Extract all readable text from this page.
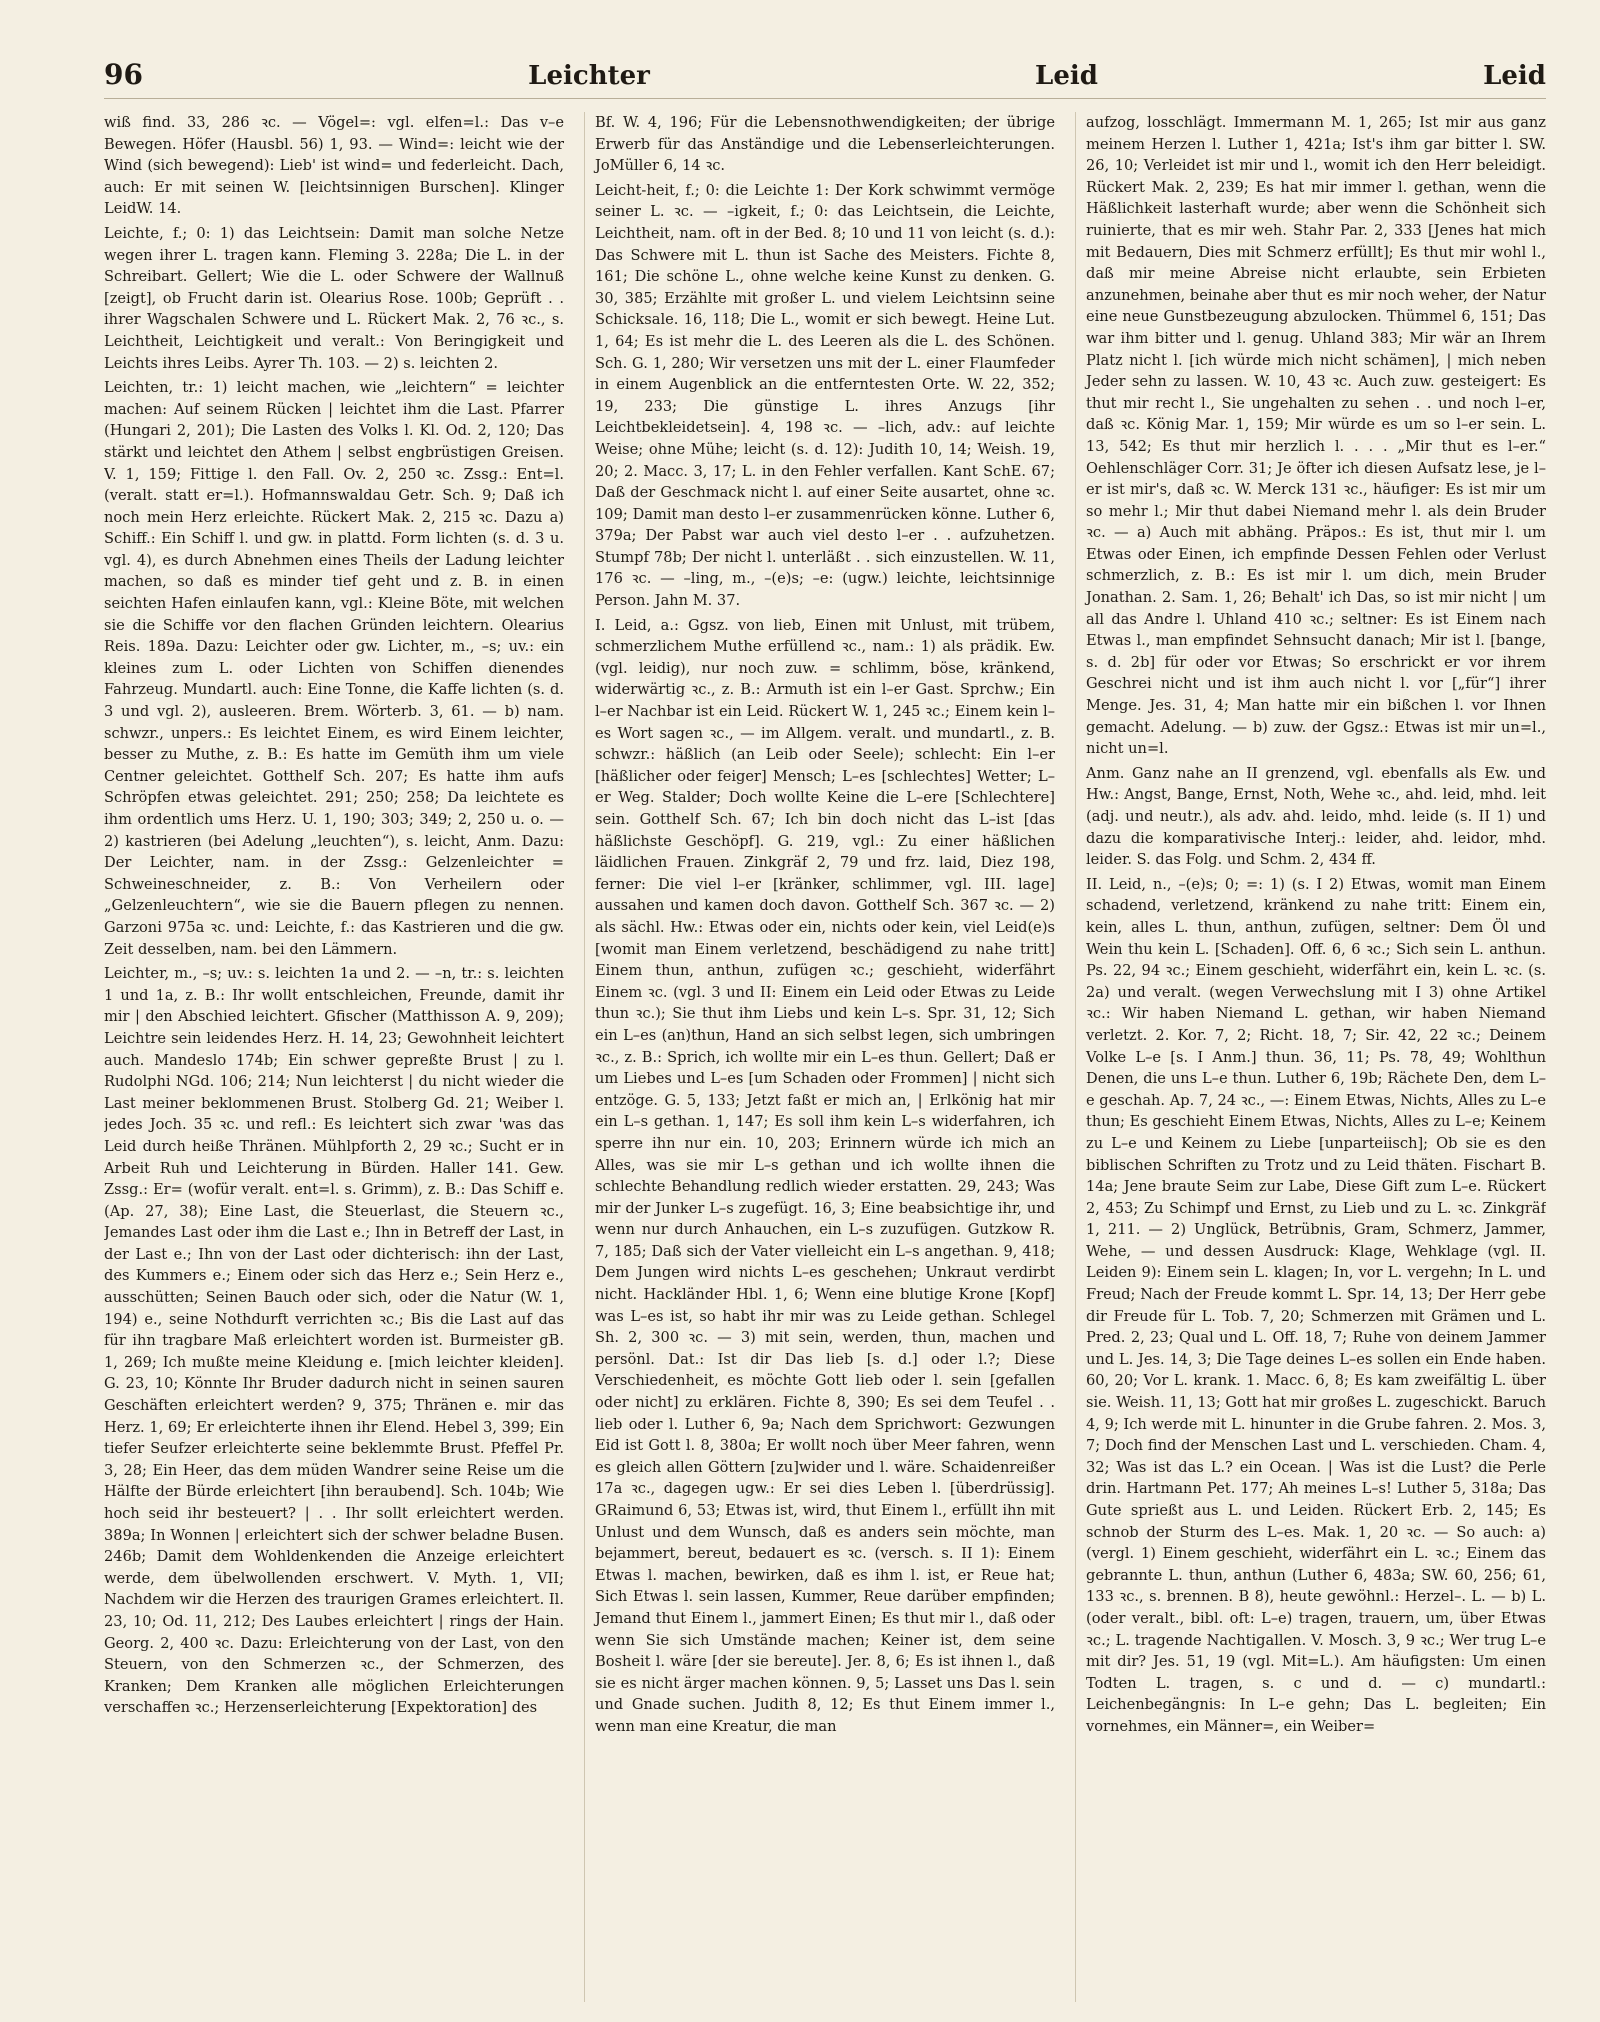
96	Leichter	Leid	Leid

wiß find. 33, 286 ꝛc. — Vögel=: vgl. elfen=l.: Das v–e Bewegen. Höfer (Hausbl. 56) 1, 93. — Wind=: leicht wie der Wind (sich bewegend): Lieb' ist wind= und federleicht. Dach, auch: Er mit seinen W. [leichtsinnigen Burschen]. Klinger LeidW. 14.

Leichte, f.; 0: 1) das Leichtsein: Damit man solche Netze wegen ihrer L. tragen kann. Fleming 3. 228a; Die L. in der Schreibart. Gellert; Wie die L. oder Schwere der Wallnuß [zeigt], ob Frucht darin ist. Olearius Rose. 100b; Geprüft . . ihrer Wagschalen Schwere und L. Rückert Mak. 2, 76 ꝛc., s. Leichtheit, Leichtigkeit und veralt.: Von Beringigkeit und Leichts ihres Leibs. Ayrer Th. 103. — 2) s. leichten 2.

Leichten, tr.: 1) leicht machen, wie „leichtern“ = leichter machen: Auf seinem Rücken | leichtet ihm die Last. Pfarrer (Hungari 2, 201); Die Lasten des Volks l. Kl. Od. 2, 120; Das stärkt und leichtet den Athem | selbst engbrüstigen Greisen. V. 1, 159; Fittige l. den Fall. Ov. 2, 250 ꝛc. Zssg.: Ent=l. (veralt. statt er=l.). Hofmannswaldau Getr. Sch. 9; Daß ich noch mein Herz erleichte. Rückert Mak. 2, 215 ꝛc. Dazu a) Schiff.: Ein Schiff l. und gw. in plattd. Form lichten (s. d. 3 u. vgl. 4), es durch Abnehmen eines Theils der Ladung leichter machen, so daß es minder tief geht und z. B. in einen seichten Hafen einlaufen kann, vgl.: Kleine Böte, mit welchen sie die Schiffe vor den flachen Gründen leichtern. Olearius Reis. 189a. Dazu: Leichter oder gw. Lichter, m., –s; uv.: ein kleines zum L. oder Lichten von Schiffen dienendes Fahrzeug. Mundartl. auch: Eine Tonne, die Kaffe lichten (s. d. 3 und vgl. 2), ausleeren. Brem. Wörterb. 3, 61. — b) nam. schwzr., unpers.: Es leichtet Einem, es wird Einem leichter, besser zu Muthe, z. B.: Es hatte im Gemüth ihm um viele Centner geleichtet. Gotthelf Sch. 207; Es hatte ihm aufs Schröpfen etwas geleichtet. 291; 250; 258; Da leichtete es ihm ordentlich ums Herz. U. 1, 190; 303; 349; 2, 250 u. o. — 2) kastrieren (bei Adelung „leuchten“), s. leicht, Anm. Dazu: Der Leichter, nam. in der Zssg.: Gelzenleichter = Schweineschneider, z. B.: Von Verheilern oder „Gelzenleuchtern“, wie sie die Bauern pflegen zu nennen. Garzoni 975a ꝛc. und: Leichte, f.: das Kastrieren und die gw. Zeit desselben, nam. bei den Lämmern.

Leichter, m., –s; uv.: s. leichten 1a und 2. — –n, tr.: s. leichten 1 und 1a, z. B.: Ihr wollt entschleichen, Freunde, damit ihr mir | den Abschied leichtert. Gfischer (Matthisson A. 9, 209); Leichtre sein leidendes Herz. H. 14, 23; Gewohnheit leichtert auch. Mandeslo 174b; Ein schwer gepreßte Brust | zu l. Rudolphi NGd. 106; 214; Nun leichterst | du nicht wieder die Last meiner beklommenen Brust. Stolberg Gd. 21; Weiber l. jedes Joch. 35 ꝛc. und refl.: Es leichtert sich zwar 'was das Leid durch heiße Thränen. Mühlpforth 2, 29 ꝛc.; Sucht er in Arbeit Ruh und Leichterung in Bürden. Haller 141. Gew. Zssg.: Er= (wofür veralt. ent=l. s. Grimm), z. B.: Das Schiff e. (Ap. 27, 38); Eine Last, die Steuerlast, die Steuern ꝛc., Jemandes Last oder ihm die Last e.; Ihn in Betreff der Last, in der Last e.; Ihn von der Last oder dichterisch: ihn der Last, des Kummers e.; Einem oder sich das Herz e.; Sein Herz e., ausschütten; Seinen Bauch oder sich, oder die Natur (W. 1, 194) e., seine Nothdurft verrichten ꝛc.; Bis die Last auf das für ihn tragbare Maß erleichtert worden ist. Burmeister gB. 1, 269; Ich mußte meine Kleidung e. [mich leichter kleiden]. G. 23, 10; Könnte Ihr Bruder dadurch nicht in seinen sauren Geschäften erleichtert werden? 9, 375; Thränen e. mir das Herz. 1, 69; Er erleichterte ihnen ihr Elend. Hebel 3, 399; Ein tiefer Seufzer erleichterte seine beklemmte Brust. Pfeffel Pr. 3, 28; Ein Heer, das dem müden Wandrer seine Reise um die Hälfte der Bürde erleichtert [ihn beraubend]. Sch. 104b; Wie hoch seid ihr besteuert? | . . Ihr sollt erleichtert werden. 389a; In Wonnen | erleichtert sich der schwer beladne Busen. 246b; Damit dem Wohldenkenden die Anzeige erleichtert werde, dem übelwollenden erschwert. V. Myth. 1, VII; Nachdem wir die Herzen des traurigen Grames erleichtert. Il. 23, 10; Od. 11, 212; Des Laubes erleichtert | rings der Hain. Georg. 2, 400 ꝛc. Dazu: Erleichterung von der Last, von den Steuern, von den Schmerzen ꝛc., der Schmerzen, des Kranken; Dem Kranken alle möglichen Erleichterungen verschaffen ꝛc.; Herzenserleichterung [Expektoration] des

Bf. W. 4, 196; Für die Lebensnothwendigkeiten; der übrige Erwerb für das Anständige und die Lebenserleichterungen. JoMüller 6, 14 ꝛc.

Leicht-heit, f.; 0: die Leichte 1: Der Kork schwimmt vermöge seiner L. ꝛc. — –igkeit, f.; 0: das Leichtsein, die Leichte, Leichtheit, nam. oft in der Bed. 8; 10 und 11 von leicht (s. d.): Das Schwere mit L. thun ist Sache des Meisters. Fichte 8, 161; Die schöne L., ohne welche keine Kunst zu denken. G. 30, 385; Erzählte mit großer L. und vielem Leichtsinn seine Schicksale. 16, 118; Die L., womit er sich bewegt. Heine Lut. 1, 64; Es ist mehr die L. des Leeren als die L. des Schönen. Sch. G. 1, 280; Wir versetzen uns mit der L. einer Flaumfeder in einem Augenblick an die entferntesten Orte. W. 22, 352; 19, 233; Die günstige L. ihres Anzugs [ihr Leichtbekleidetsein]. 4, 198 ꝛc. — –lich, adv.: auf leichte Weise; ohne Mühe; leicht (s. d. 12): Judith 10, 14; Weish. 19, 20; 2. Macc. 3, 17; L. in den Fehler verfallen. Kant SchE. 67; Daß der Geschmack nicht l. auf einer Seite ausartet, ohne ꝛc. 109; Damit man desto l–er zusammenrücken könne. Luther 6, 379a; Der Pabst war auch viel desto l–er . . aufzuhetzen. Stumpf 78b; Der nicht l. unterläßt . . sich einzustellen. W. 11, 176 ꝛc. — –ling, m., –(e)s; –e: (ugw.) leichte, leichtsinnige Person. Jahn M. 37.

I. Leid, a.: Ggsz. von lieb, Einen mit Unlust, mit trübem, schmerzlichem Muthe erfüllend ꝛc., nam.: 1) als prädik. Ew. (vgl. leidig), nur noch zuw. = schlimm, böse, kränkend, widerwärtig ꝛc., z. B.: Armuth ist ein l–er Gast. Sprchw.; Ein l–er Nachbar ist ein Leid. Rückert W. 1, 245 ꝛc.; Einem kein l–es Wort sagen ꝛc., — im Allgem. veralt. und mundartl., z. B. schwzr.: häßlich (an Leib oder Seele); schlecht: Ein l–er [häßlicher oder feiger] Mensch; L–es [schlechtes] Wetter; L–er Weg. Stalder; Doch wollte Keine die L–ere [Schlechtere] sein. Gotthelf Sch. 67; Ich bin doch nicht das L–ist [das häßlichste Geschöpf]. G. 219, vgl.: Zu einer häßlichen läidlichen Frauen. Zinkgräf 2, 79 und frz. laid, Diez 198, ferner: Die viel l–er [kränker, schlimmer, vgl. III. lage] aussahen und kamen doch davon. Gotthelf Sch. 367 ꝛc. — 2) als sächl. Hw.: Etwas oder ein, nichts oder kein, viel Leid(e)s [womit man Einem verletzend, beschädigend zu nahe tritt] Einem thun, anthun, zufügen ꝛc.; geschieht, widerfährt Einem ꝛc. (vgl. 3 und II: Einem ein Leid oder Etwas zu Leide thun ꝛc.); Sie thut ihm Liebs und kein L–s. Spr. 31, 12; Sich ein L–es (an)thun, Hand an sich selbst legen, sich umbringen ꝛc., z. B.: Sprich, ich wollte mir ein L–es thun. Gellert; Daß er um Liebes und L–es [um Schaden oder Frommen] | nicht sich entzöge. G. 5, 133; Jetzt faßt er mich an, | Erlkönig hat mir ein L–s gethan. 1, 147; Es soll ihm kein L–s widerfahren, ich sperre ihn nur ein. 10, 203; Erinnern würde ich mich an Alles, was sie mir L–s gethan und ich wollte ihnen die schlechte Behandlung redlich wieder erstatten. 29, 243; Was mir der Junker L–s zugefügt. 16, 3; Eine beabsichtige ihr, und wenn nur durch Anhauchen, ein L–s zuzufügen. Gutzkow R. 7, 185; Daß sich der Vater vielleicht ein L–s angethan. 9, 418; Dem Jungen wird nichts L–es geschehen; Unkraut verdirbt nicht. Hackländer Hbl. 1, 6; Wenn eine blutige Krone [Kopf] was L–es ist, so habt ihr mir was zu Leide gethan. Schlegel Sh. 2, 300 ꝛc. — 3) mit sein, werden, thun, machen und persönl. Dat.: Ist dir Das lieb [s. d.] oder l.?; Diese Verschiedenheit, es möchte Gott lieb oder l. sein [gefallen oder nicht] zu erklären. Fichte 8, 390; Es sei dem Teufel . . lieb oder l. Luther 6, 9a; Nach dem Sprichwort: Gezwungen Eid ist Gott l. 8, 380a; Er wollt noch über Meer fahren, wenn es gleich allen Göttern [zu]wider und l. wäre. Schaidenreißer 17a ꝛc., dagegen ugw.: Er sei dies Leben l. [überdrüssig]. GRaimund 6, 53; Etwas ist, wird, thut Einem l., erfüllt ihn mit Unlust und dem Wunsch, daß es anders sein möchte, man bejammert, bereut, bedauert es ꝛc. (versch. s. II 1): Einem Etwas l. machen, bewirken, daß es ihm l. ist, er Reue hat; Sich Etwas l. sein lassen, Kummer, Reue darüber empfinden; Jemand thut Einem l., jammert Einen; Es thut mir l., daß oder wenn Sie sich Umstände machen; Keiner ist, dem seine Bosheit l. wäre [der sie bereute]. Jer. 8, 6; Es ist ihnen l., daß sie es nicht ärger machen können. 9, 5; Lasset uns Das l. sein und Gnade suchen. Judith 8, 12; Es thut Einem immer l., wenn man eine Kreatur, die man

aufzog, losschlägt. Immermann M. 1, 265; Ist mir aus ganz meinem Herzen l. Luther 1, 421a; Ist's ihm gar bitter l. SW. 26, 10; Verleidet ist mir und l., womit ich den Herr beleidigt. Rückert Mak. 2, 239; Es hat mir immer l. gethan, wenn die Häßlichkeit lasterhaft wurde; aber wenn die Schönheit sich ruinierte, that es mir weh. Stahr Par. 2, 333 [Jenes hat mich mit Bedauern, Dies mit Schmerz erfüllt]; Es thut mir wohl l., daß mir meine Abreise nicht erlaubte, sein Erbieten anzunehmen, beinahe aber thut es mir noch weher, der Natur eine neue Gunstbezeugung abzulocken. Thümmel 6, 151; Das war ihm bitter und l. genug. Uhland 383; Mir wär an Ihrem Platz nicht l. [ich würde mich nicht schämen], | mich neben Jeder sehn zu lassen. W. 10, 43 ꝛc. Auch zuw. gesteigert: Es thut mir recht l., Sie ungehalten zu sehen . . und noch l–er, daß ꝛc. König Mar. 1, 159; Mir würde es um so l–er sein. L. 13, 542; Es thut mir herzlich l. . . . „Mir thut es l–er.“ Oehlenschläger Corr. 31; Je öfter ich diesen Aufsatz lese, je l–er ist mir's, daß ꝛc. W. Merck 131 ꝛc., häufiger: Es ist mir um so mehr l.; Mir thut dabei Niemand mehr l. als dein Bruder ꝛc. — a) Auch mit abhäng. Präpos.: Es ist, thut mir l. um Etwas oder Einen, ich empfinde Dessen Fehlen oder Verlust schmerzlich, z. B.: Es ist mir l. um dich, mein Bruder Jonathan. 2. Sam. 1, 26; Behalt' ich Das, so ist mir nicht | um all das Andre l. Uhland 410 ꝛc.; seltner: Es ist Einem nach Etwas l., man empfindet Sehnsucht danach; Mir ist l. [bange, s. d. 2b] für oder vor Etwas; So erschrickt er vor ihrem Geschrei nicht und ist ihm auch nicht l. vor [„für“] ihrer Menge. Jes. 31, 4; Man hatte mir ein bißchen l. vor Ihnen gemacht. Adelung. — b) zuw. der Ggsz.: Etwas ist mir un=l., nicht un=l.

Anm. Ganz nahe an II grenzend, vgl. ebenfalls als Ew. und Hw.: Angst, Bange, Ernst, Noth, Wehe ꝛc., ahd. leid, mhd. leit (adj. und neutr.), als adv. ahd. leido, mhd. leide (s. II 1) und dazu die komparativische Interj.: leider, ahd. leidor, mhd. leider. S. das Folg. und Schm. 2, 434 ff.

II. Leid, n., –(e)s; 0; =: 1) (s. I 2) Etwas, womit man Einem schadend, verletzend, kränkend zu nahe tritt: Einem ein, kein, alles L. thun, anthun, zufügen, seltner: Dem Öl und Wein thu kein L. [Schaden]. Off. 6, 6 ꝛc.; Sich sein L. anthun. Ps. 22, 94 ꝛc.; Einem geschieht, widerfährt ein, kein L. ꝛc. (s. 2a) und veralt. (wegen Verwechslung mit I 3) ohne Artikel ꝛc.: Wir haben Niemand L. gethan, wir haben Niemand verletzt. 2. Kor. 7, 2; Richt. 18, 7; Sir. 42, 22 ꝛc.; Deinem Volke L–e [s. I Anm.] thun. 36, 11; Ps. 78, 49; Wohlthun Denen, die uns L–e thun. Luther 6, 19b; Rächete Den, dem L–e geschah. Ap. 7, 24 ꝛc., —: Einem Etwas, Nichts, Alles zu L–e thun; Es geschieht Einem Etwas, Nichts, Alles zu L–e; Keinem zu L–e und Keinem zu Liebe [unparteiisch]; Ob sie es den biblischen Schriften zu Trotz und zu Leid thäten. Fischart B. 14a; Jene braute Seim zur Labe, Diese Gift zum L–e. Rückert 2, 453; Zu Schimpf und Ernst, zu Lieb und zu L. ꝛc. Zinkgräf 1, 211. — 2) Unglück, Betrübnis, Gram, Schmerz, Jammer, Wehe, — und dessen Ausdruck: Klage, Wehklage (vgl. II. Leiden 9): Einem sein L. klagen; In, vor L. vergehn; In L. und Freud; Nach der Freude kommt L. Spr. 14, 13; Der Herr gebe dir Freude für L. Tob. 7, 20; Schmerzen mit Grämen und L. Pred. 2, 23; Qual und L. Off. 18, 7; Ruhe von deinem Jammer und L. Jes. 14, 3; Die Tage deines L–es sollen ein Ende haben. 60, 20; Vor L. krank. 1. Macc. 6, 8; Es kam zweifältig L. über sie. Weish. 11, 13; Gott hat mir großes L. zugeschickt. Baruch 4, 9; Ich werde mit L. hinunter in die Grube fahren. 2. Mos. 3, 7; Doch find der Menschen Last und L. verschieden. Cham. 4, 32; Was ist das L.? ein Ocean. | Was ist die Lust? die Perle drin. Hartmann Pet. 177; Ah meines L–s! Luther 5, 318a; Das Gute sprießt aus L. und Leiden. Rückert Erb. 2, 145; Es schnob der Sturm des L–es. Mak. 1, 20 ꝛc. — So auch: a) (vergl. 1) Einem geschieht, widerfährt ein L. ꝛc.; Einem das gebrannte L. thun, anthun (Luther 6, 483a; SW. 60, 256; 61, 133 ꝛc., s. brennen. B 8), heute gewöhnl.: Herzel–. L. — b) L. (oder veralt., bibl. oft: L–e) tragen, trauern, um, über Etwas ꝛc.; L. tragende Nachtigallen. V. Mosch. 3, 9 ꝛc.; Wer trug L–e mit dir? Jes. 51, 19 (vgl. Mit=L.). Am häufigsten: Um einen Todten L. tragen, s. c und d. — c) mundartl.: Leichenbegängnis: In L–e gehn; Das L. begleiten; Ein vornehmes, ein Männer=, ein Weiber=
